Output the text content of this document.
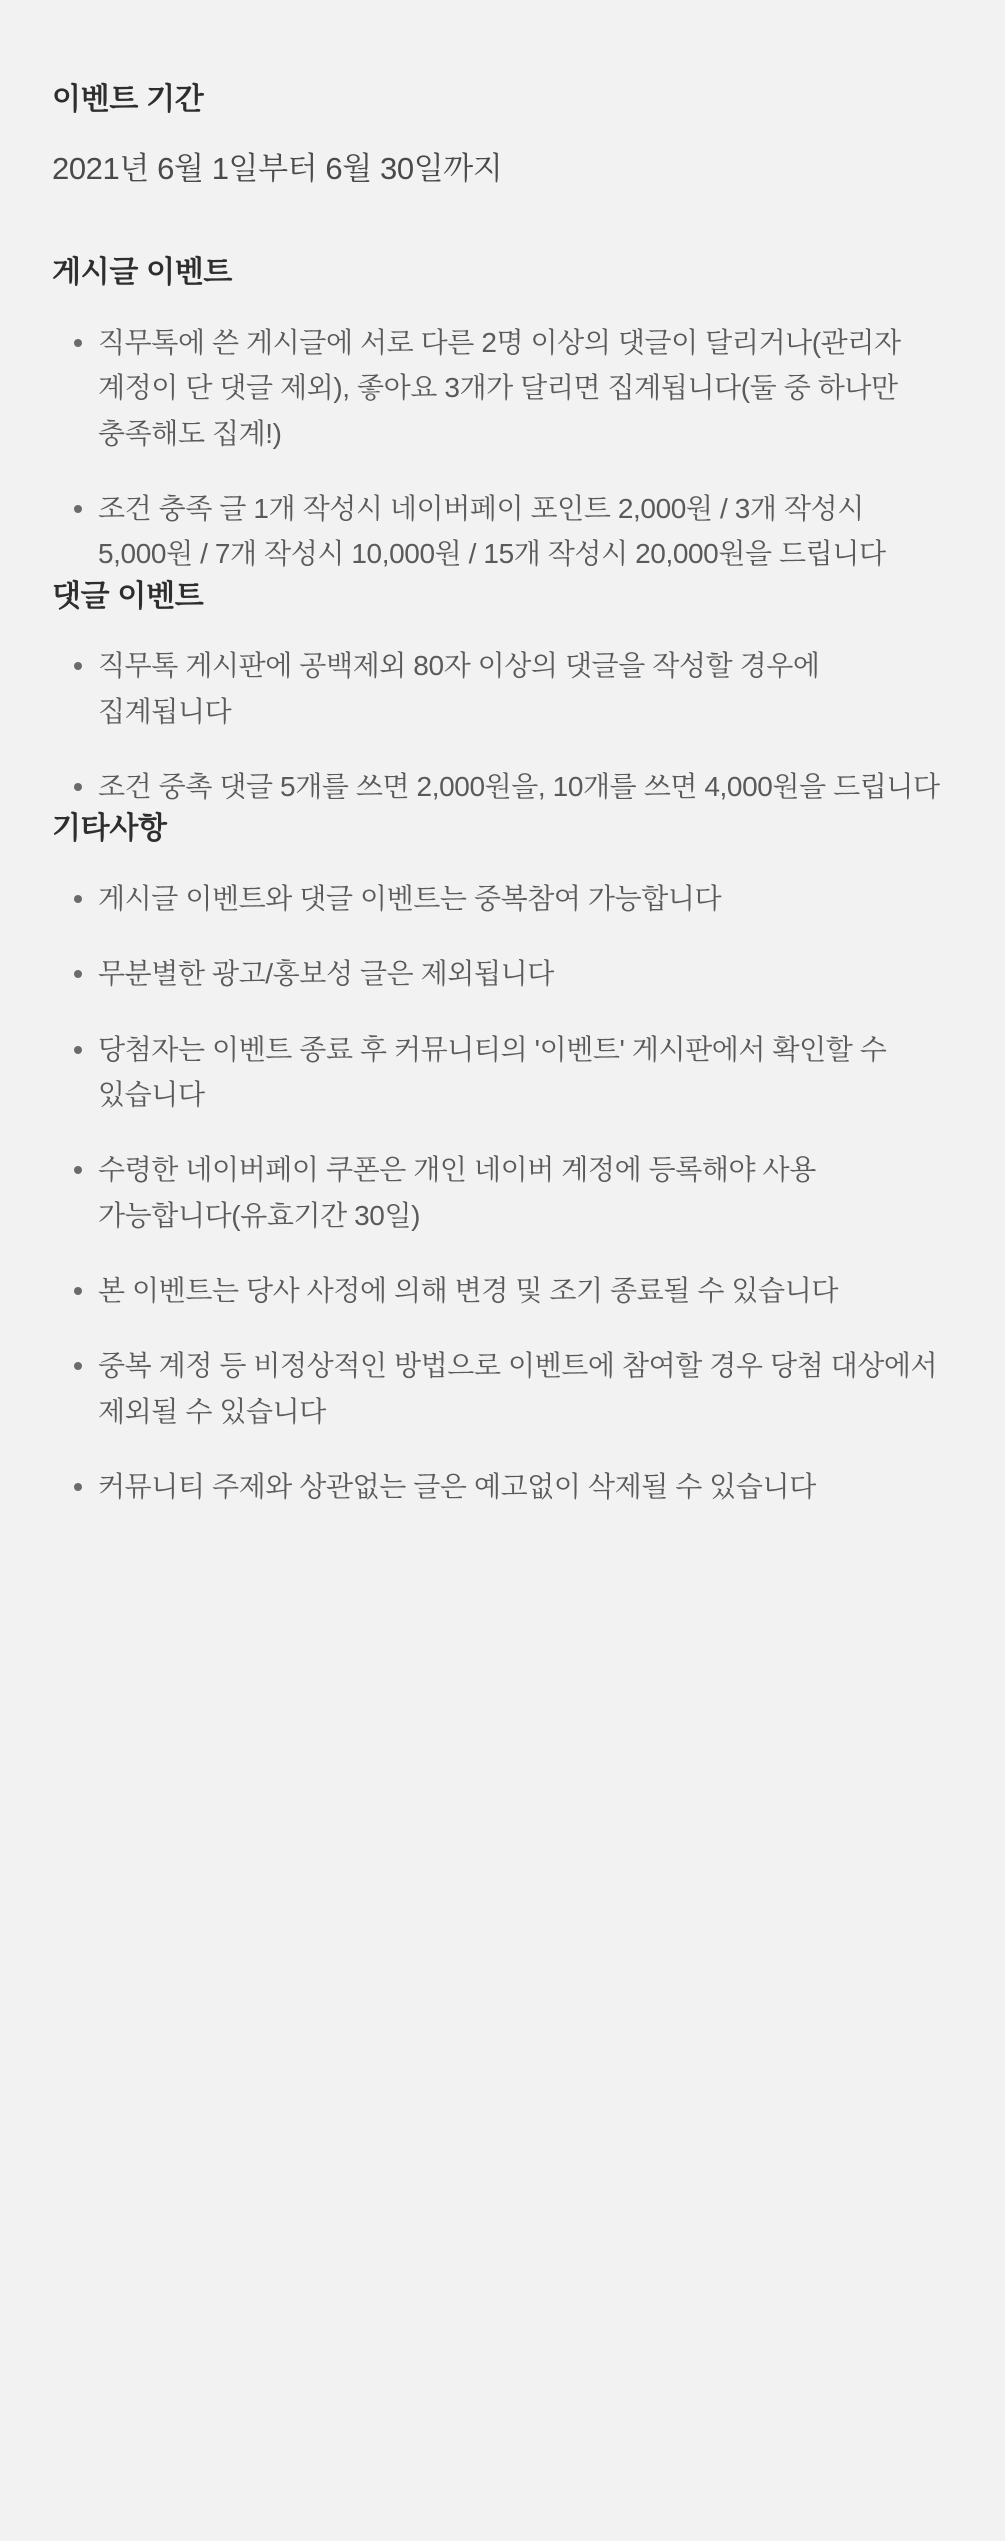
이벤트 기간

2021년 6월 1일부터 6월 30일까지

게시글 이벤트
직무톡에 쓴 게시글에 서로 다른 2명 이상의 댓글이 달리거나(관리자 계정이 단 댓글 제외), 좋아요 3개가 달리면 집계됩니다(둘 중 하나만 충족해도 집계!)
조건 충족 글 1개 작성시 네이버페이 포인트 2,000원 / 3개 작성시 5,000원 / 7개 작성시 10,000원 / 15개 작성시 20,000원을 드립니다
댓글 이벤트
직무톡 게시판에 공백제외 80자 이상의 댓글을 작성할 경우에 집계됩니다
조건 중촉 댓글 5개를 쓰면 2,000원을, 10개를 쓰면 4,000원을 드립니다
기타사항
게시글 이벤트와 댓글 이벤트는 중복참여 가능합니다
무분별한 광고/홍보성 글은 제외됩니다
당첨자는 이벤트 종료 후 커뮤니티의 '이벤트' 게시판에서 확인할 수 있습니다
수령한 네이버페이 쿠폰은 개인 네이버 계정에 등록해야 사용 가능합니다(유효기간 30일)
본 이벤트는 당사 사정에 의해 변경 및 조기 종료될 수 있습니다
중복 계정 등 비정상적인 방법으로 이벤트에 참여할 경우 당첨 대상에서 제외될 수 있습니다
커뮤니티 주제와 상관없는 글은 예고없이 삭제될 수 있습니다
